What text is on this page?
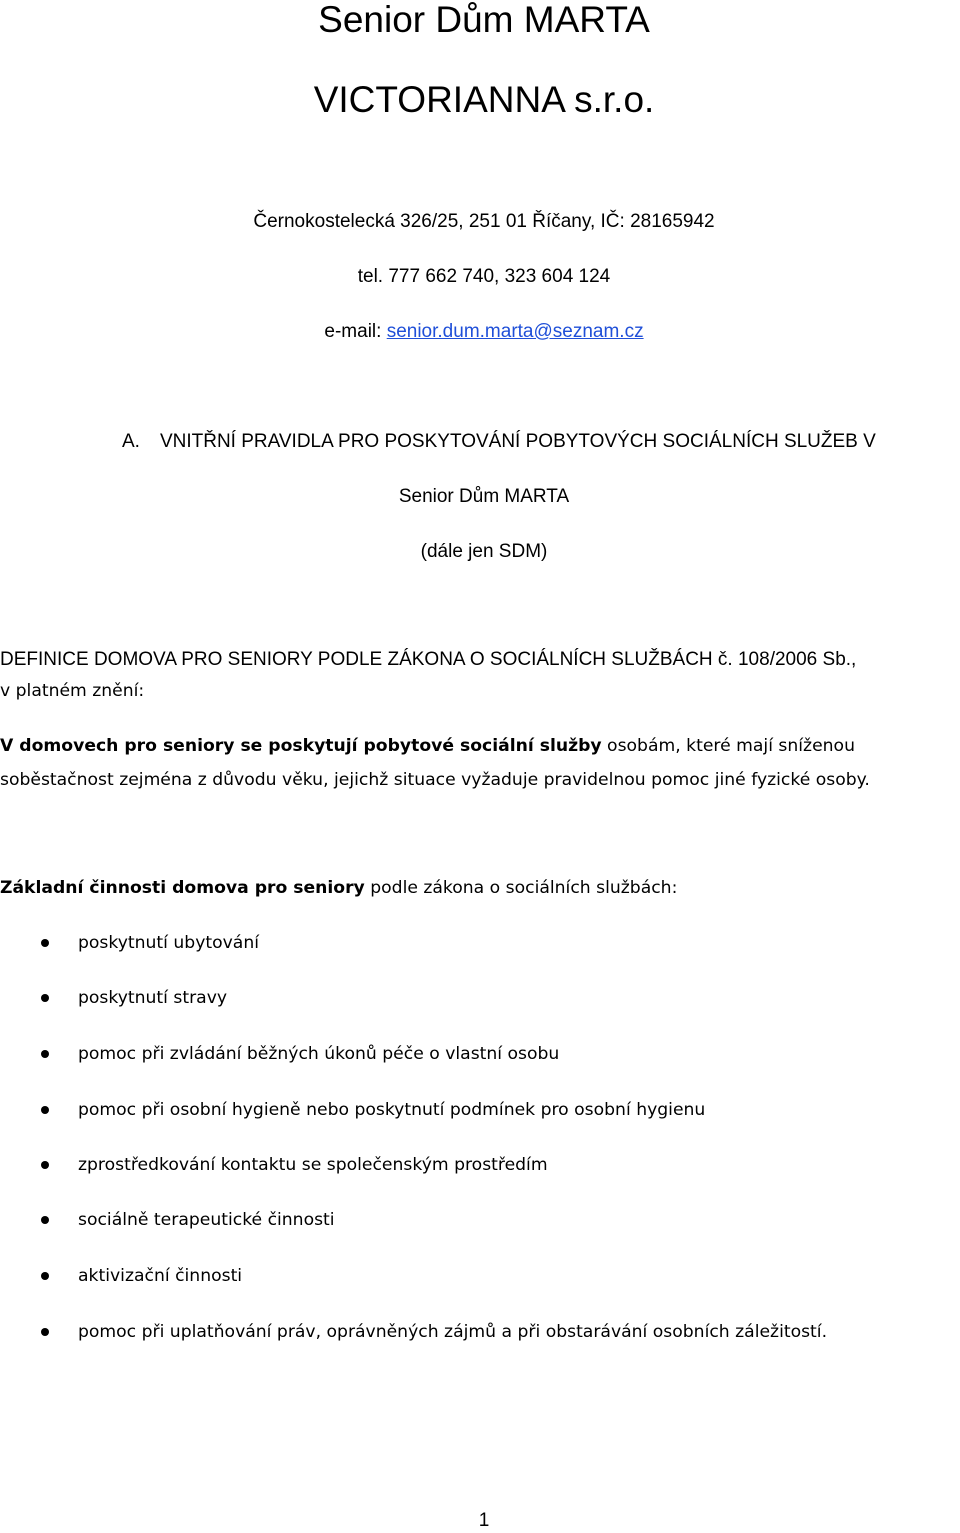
Senior Dům MARTA
VICTORIANNA s.r.o.
Černokostelecká 326/25, 251 01 Říčany, IČ: 28165942
tel. 777 662 740, 323 604 124
e-mail: senior.dum.marta@seznam.cz
A. VNITŘNÍ PRAVIDLA PRO POSKYTOVÁNÍ POBYTOVÝCH SOCIÁLNÍCH SLUŽEB V
Senior Dům MARTA
(dále jen SDM)
DEFINICE DOMOVA PRO SENIORY PODLE ZÁKONA O SOCIÁLNÍCH SLUŽBÁCH č. 108/2006 Sb.,
v platném znění:
V domovech pro seniory se poskytují pobytové sociální služby osobám, které mají sníženou
soběstačnost zejména z důvodu věku, jejichž situace vyžaduje pravidelnou pomoc jiné fyzické osoby.
Základní činnosti domova pro seniory podle zákona o sociálních službách:
poskytnutí ubytování
poskytnutí stravy
pomoc při zvládání běžných úkonů péče o vlastní osobu
pomoc při osobní hygieně nebo poskytnutí podmínek pro osobní hygienu
zprostředkování kontaktu se společenským prostředím
sociálně terapeutické činnosti
aktivizační činnosti
pomoc při uplatňování práv, oprávněných zájmů a při obstarávání osobních záležitostí.
1
